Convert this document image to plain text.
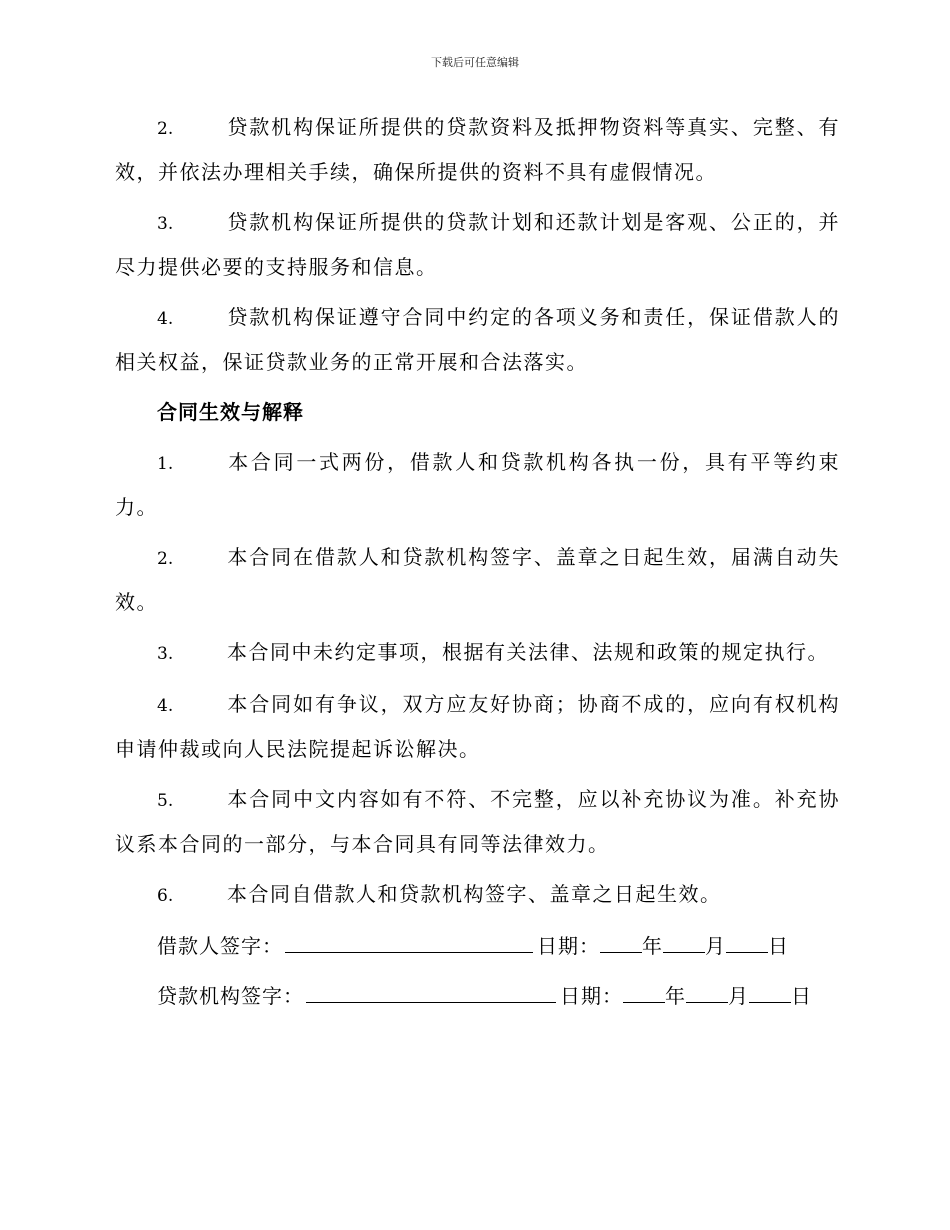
下载后可任意编辑

2.	贷款机构保证所提供的贷款资料及抵押物资料等真实、完整、有效，并依法办理相关手续，确保所提供的资料不具有虚假情况。

3.	贷款机构保证所提供的贷款计划和还款计划是客观、公正的，并尽力提供必要的支持服务和信息。

4.	贷款机构保证遵守合同中约定的各项义务和责任，保证借款人的相关权益，保证贷款业务的正常开展和合法落实。

合同生效与解释

1.	本合同一式两份，借款人和贷款机构各执一份，具有平等约束力。

2.	本合同在借款人和贷款机构签字、盖章之日起生效，届满自动失效。

3.	本合同中未约定事项，根据有关法律、法规和政策的规定执行。

4.	本合同如有争议，双方应友好协商；协商不成的，应向有权机构申请仲裁或向人民法院提起诉讼解决。

5.	本合同中文内容如有不符、不完整，应以补充协议为准。补充协议系本合同的一部分，与本合同具有同等法律效力。

6.	本合同自借款人和贷款机构签字、盖章之日起生效。

借款人签字：	日期： 年 月 日
贷款机构签字：	日期： 年 月 日
